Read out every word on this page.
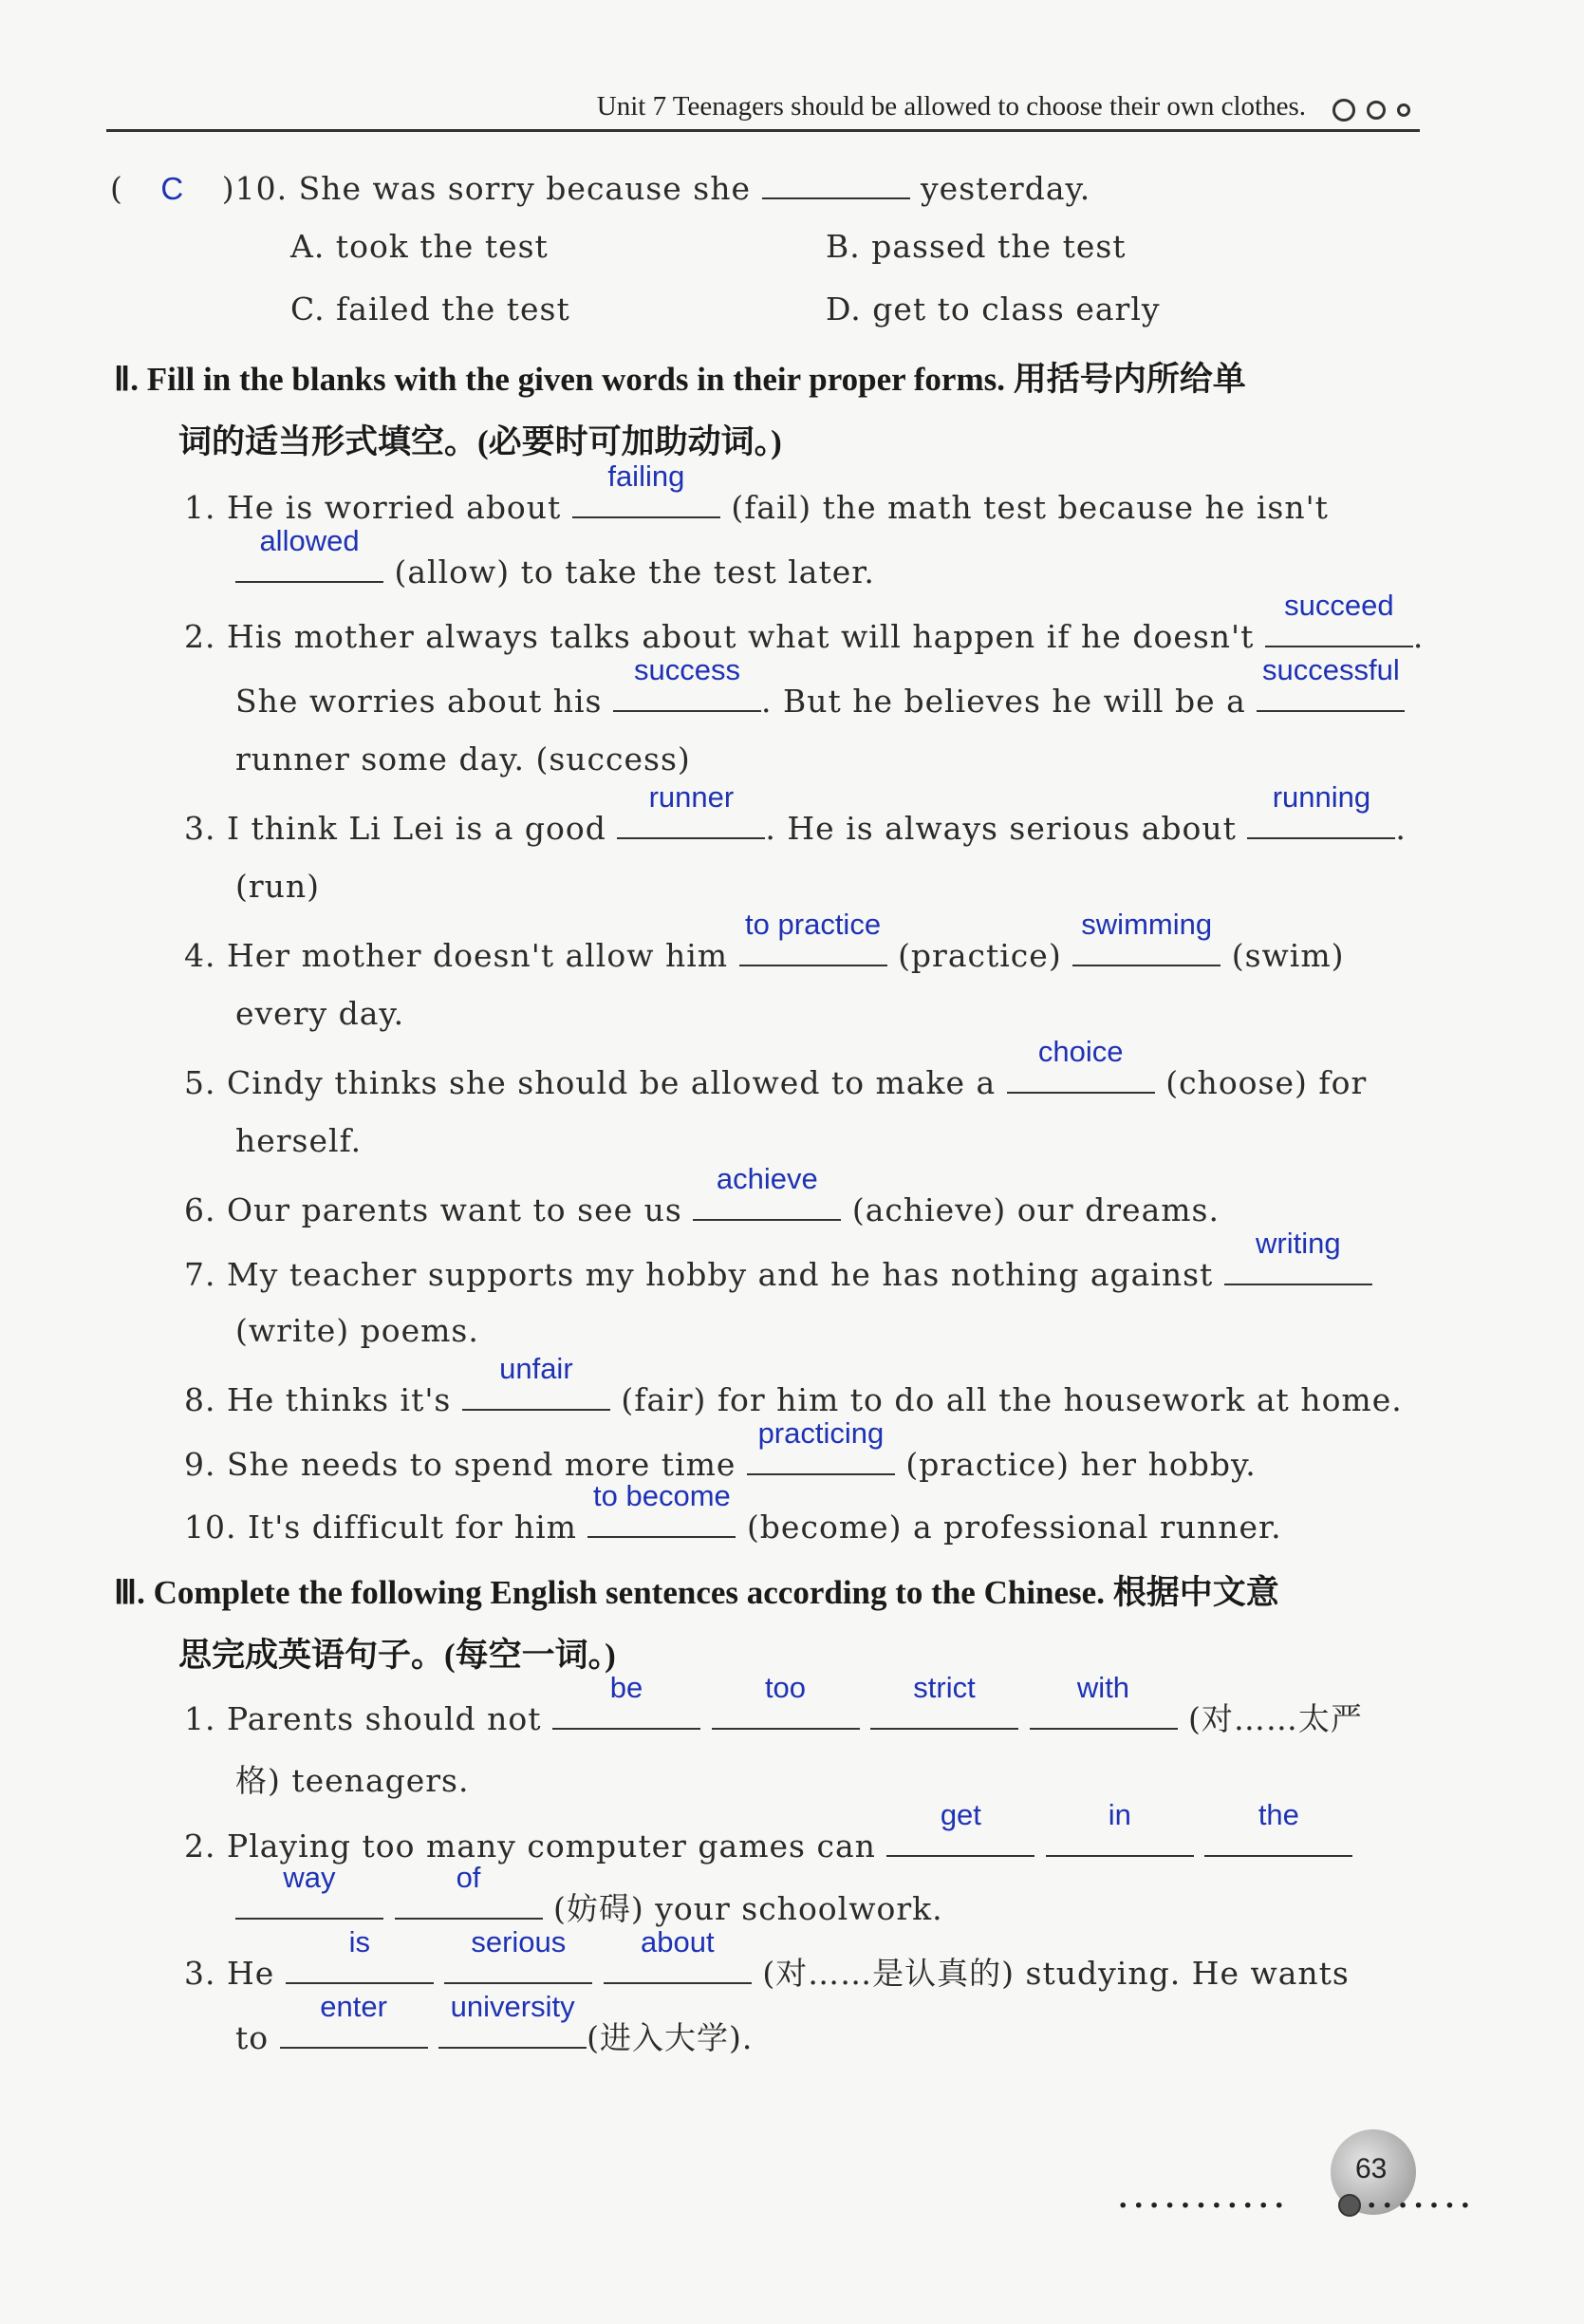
Unit 7 Teenagers should be allowed to choose their own clothes.
( C )10. She was sorry because she	yesterday.
A. took the test	B. passed the test
C. failed the test	D. get to class early
Ⅱ. Fill in the blanks with the given words in their proper forms. 用括号内所给单
词的适当形式填空。(必要时可加助动词。)
1. He is worried about
failing
(fail) the math test because he isn't
allowed
(allow) to take the test later.
2. His mother always talks about what will happen if he doesn't
succeed
.
She worries about his
success
. But he believes he will be a
successful
runner some day. (success)
3. I think Li Lei is a good
runner
. He is always serious about
running
.
(run)
4. Her mother doesn't allow him
to practice
(practice)
swimming
(swim)
every day.
5. Cindy thinks she should be allowed to make a
choice
(choose) for
herself.
6. Our parents want to see us
achieve
(achieve) our dreams.
7. My teacher supports my hobby and he has nothing against
writing
(write) poems.
8. He thinks it's
unfair
(fair) for him to do all the housework at home.
9. She needs to spend more time
practicing
(practice) her hobby.
10. It's difficult for him
to become
(become) a professional runner.
Ⅲ. Complete the following English sentences according to the Chinese. 根据中文意
思完成英语句子。(每空一词。)
1. Parents should not
be
	too
	strict
	with
(对……太严
格) teenagers.
2. Playing too many computer games can
get
	in
	the
way
	of
(妨碍) your schoolwork.
3. He
is
	serious
	about
(对……是认真的) studying. He wants
to
enter
	university
(进入大学).
63
···········	·······
